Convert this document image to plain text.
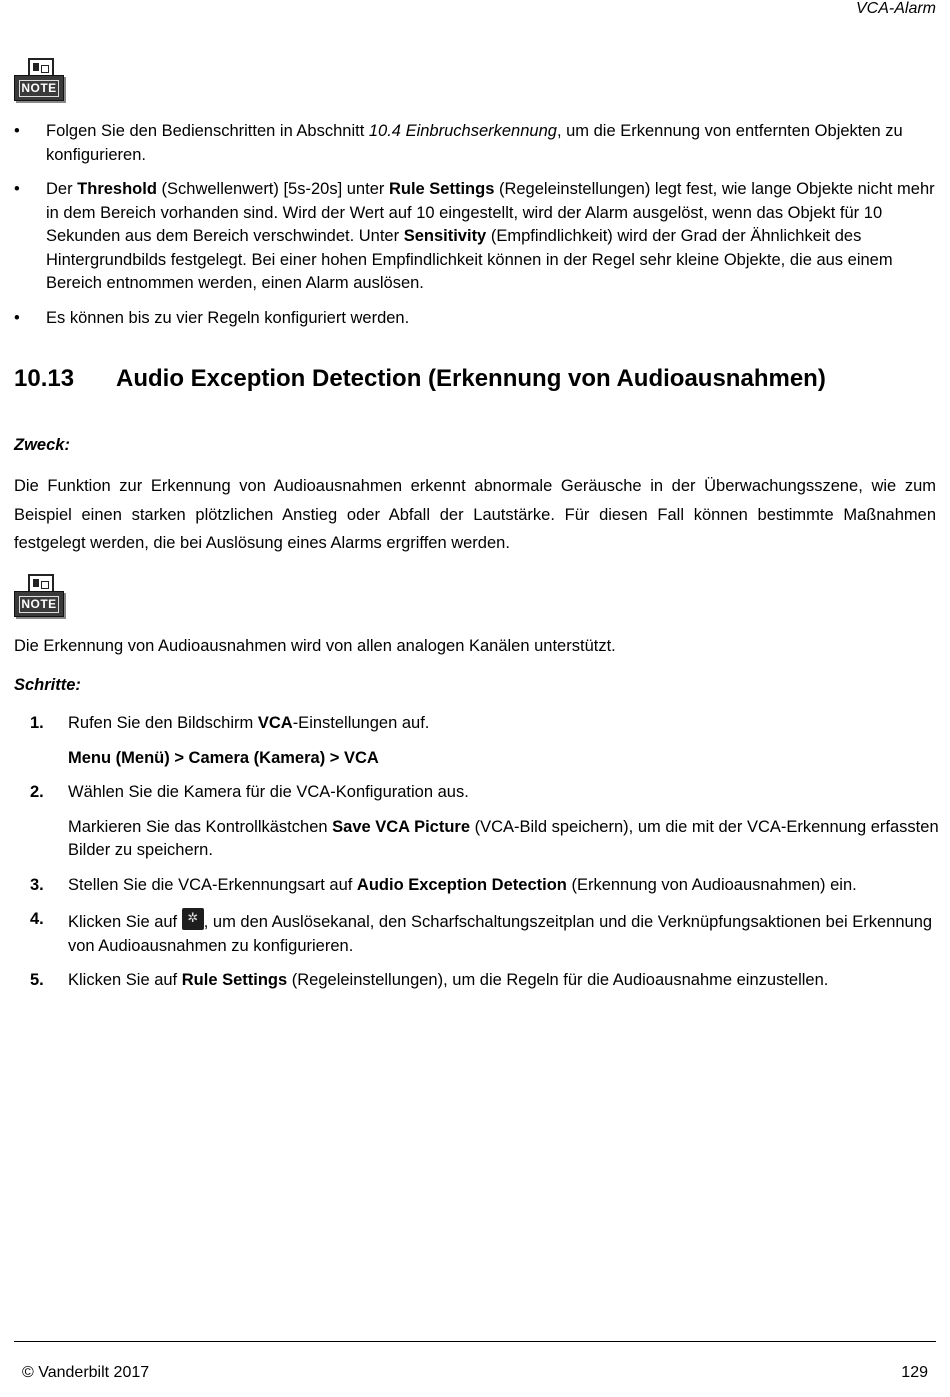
VCA-Alarm
NOTE
• Folgen Sie den Bedienschritten in Abschnitt 10.4 Einbruchserkennung, um die Erkennung von entfernten Objekten zu konfigurieren.
• Der Threshold (Schwellenwert) [5s-20s] unter Rule Settings (Regeleinstellungen) legt fest, wie lange Objekte nicht mehr in dem Bereich vorhanden sind. Wird der Wert auf 10 eingestellt, wird der Alarm ausgelöst, wenn das Objekt für 10 Sekunden aus dem Bereich verschwindet. Unter Sensitivity (Empfindlichkeit) wird der Grad der Ähnlichkeit des Hintergrundbilds festgelegt. Bei einer hohen Empfindlichkeit können in der Regel sehr kleine Objekte, die aus einem Bereich entnommen werden, einen Alarm auslösen.
• Es können bis zu vier Regeln konfiguriert werden.
10.13 Audio Exception Detection (Erkennung von Audioausnahmen)
Zweck:
Die Funktion zur Erkennung von Audioausnahmen erkennt abnormale Geräusche in der Überwachungsszene, wie zum Beispiel einen starken plötzlichen Anstieg oder Abfall der Lautstärke. Für diesen Fall können bestimmte Maßnahmen festgelegt werden, die bei Auslösung eines Alarms ergriffen werden.
NOTE
Die Erkennung von Audioausnahmen wird von allen analogen Kanälen unterstützt.
Schritte:
1. Rufen Sie den Bildschirm VCA-Einstellungen auf.
Menu (Menü) > Camera (Kamera) > VCA
2. Wählen Sie die Kamera für die VCA-Konfiguration aus.
Markieren Sie das Kontrollkästchen Save VCA Picture (VCA-Bild speichern), um die mit der VCA-Erkennung erfassten Bilder zu speichern.
3. Stellen Sie die VCA-Erkennungsart auf Audio Exception Detection (Erkennung von Audioausnahmen) ein.
4. Klicken Sie auf ✲, um den Auslösekanal, den Scharfschaltungszeitplan und die Verknüpfungsaktionen bei Erkennung von Audioausnahmen zu konfigurieren.
5. Klicken Sie auf Rule Settings (Regeleinstellungen), um die Regeln für die Audioausnahme einzustellen.
© Vanderbilt 2017	129
